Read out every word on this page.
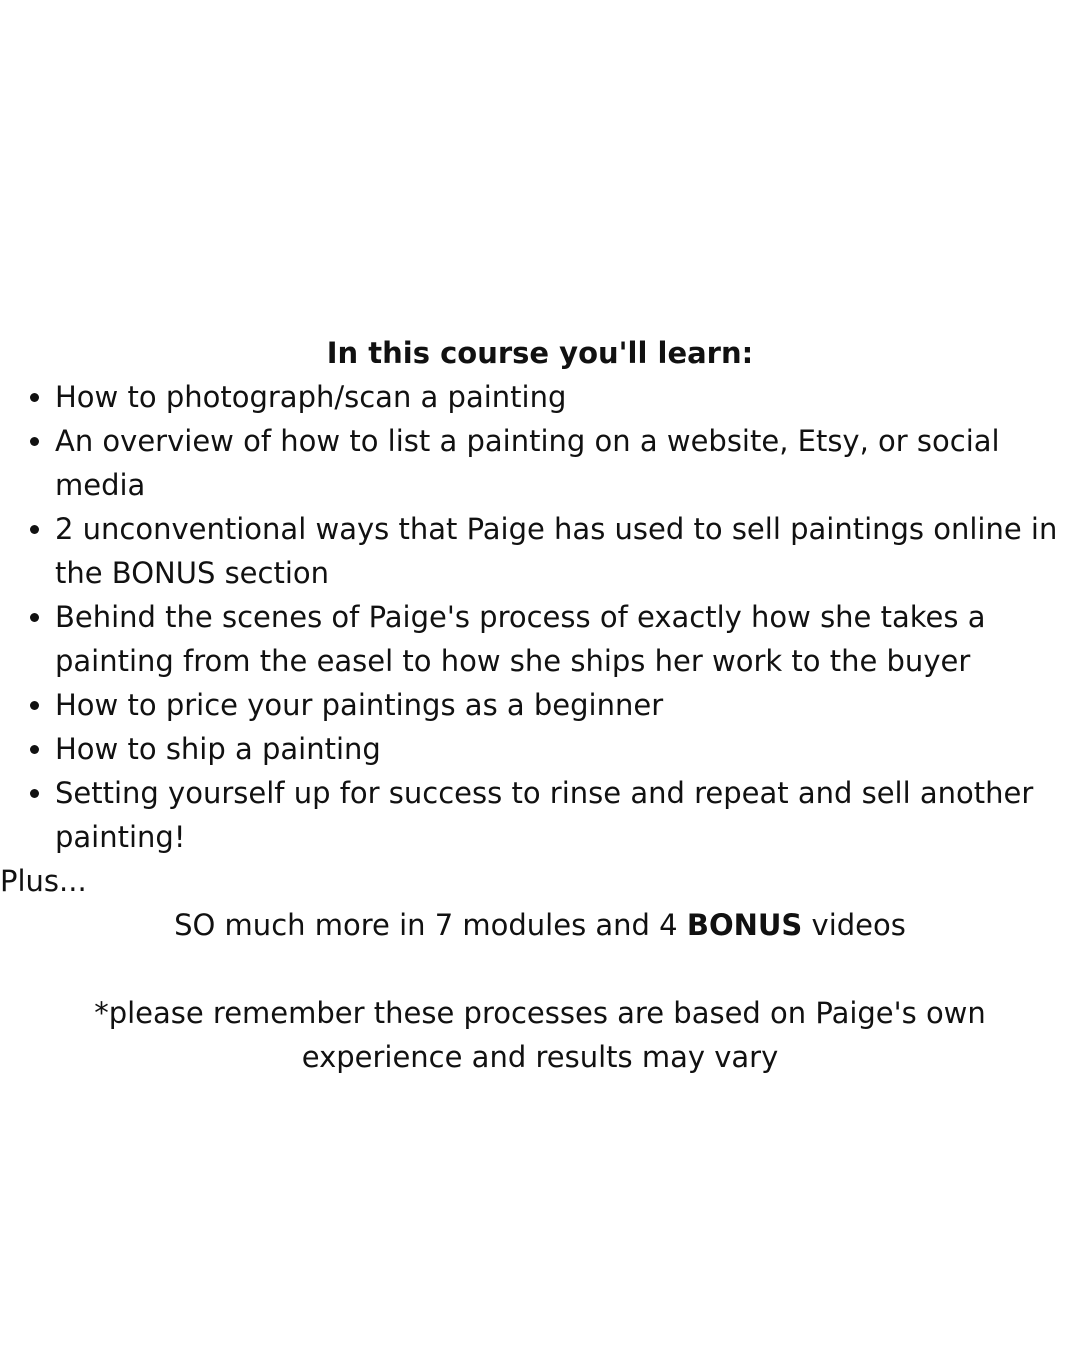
In this course you'll learn:

How to photograph/scan a painting
An overview of how to list a painting on a website, Etsy, or social media
2 unconventional ways that Paige has used to sell paintings online in the BONUS section
Behind the scenes of Paige's process of exactly how she takes a painting from the easel to how she ships her work to the buyer
How to price your paintings as a beginner
How to ship a painting
Setting yourself up for success to rinse and repeat and sell another painting!

Plus...

SO much more in 7 modules and 4 BONUS videos

*please remember these processes are based on Paige's own experience and results may vary
